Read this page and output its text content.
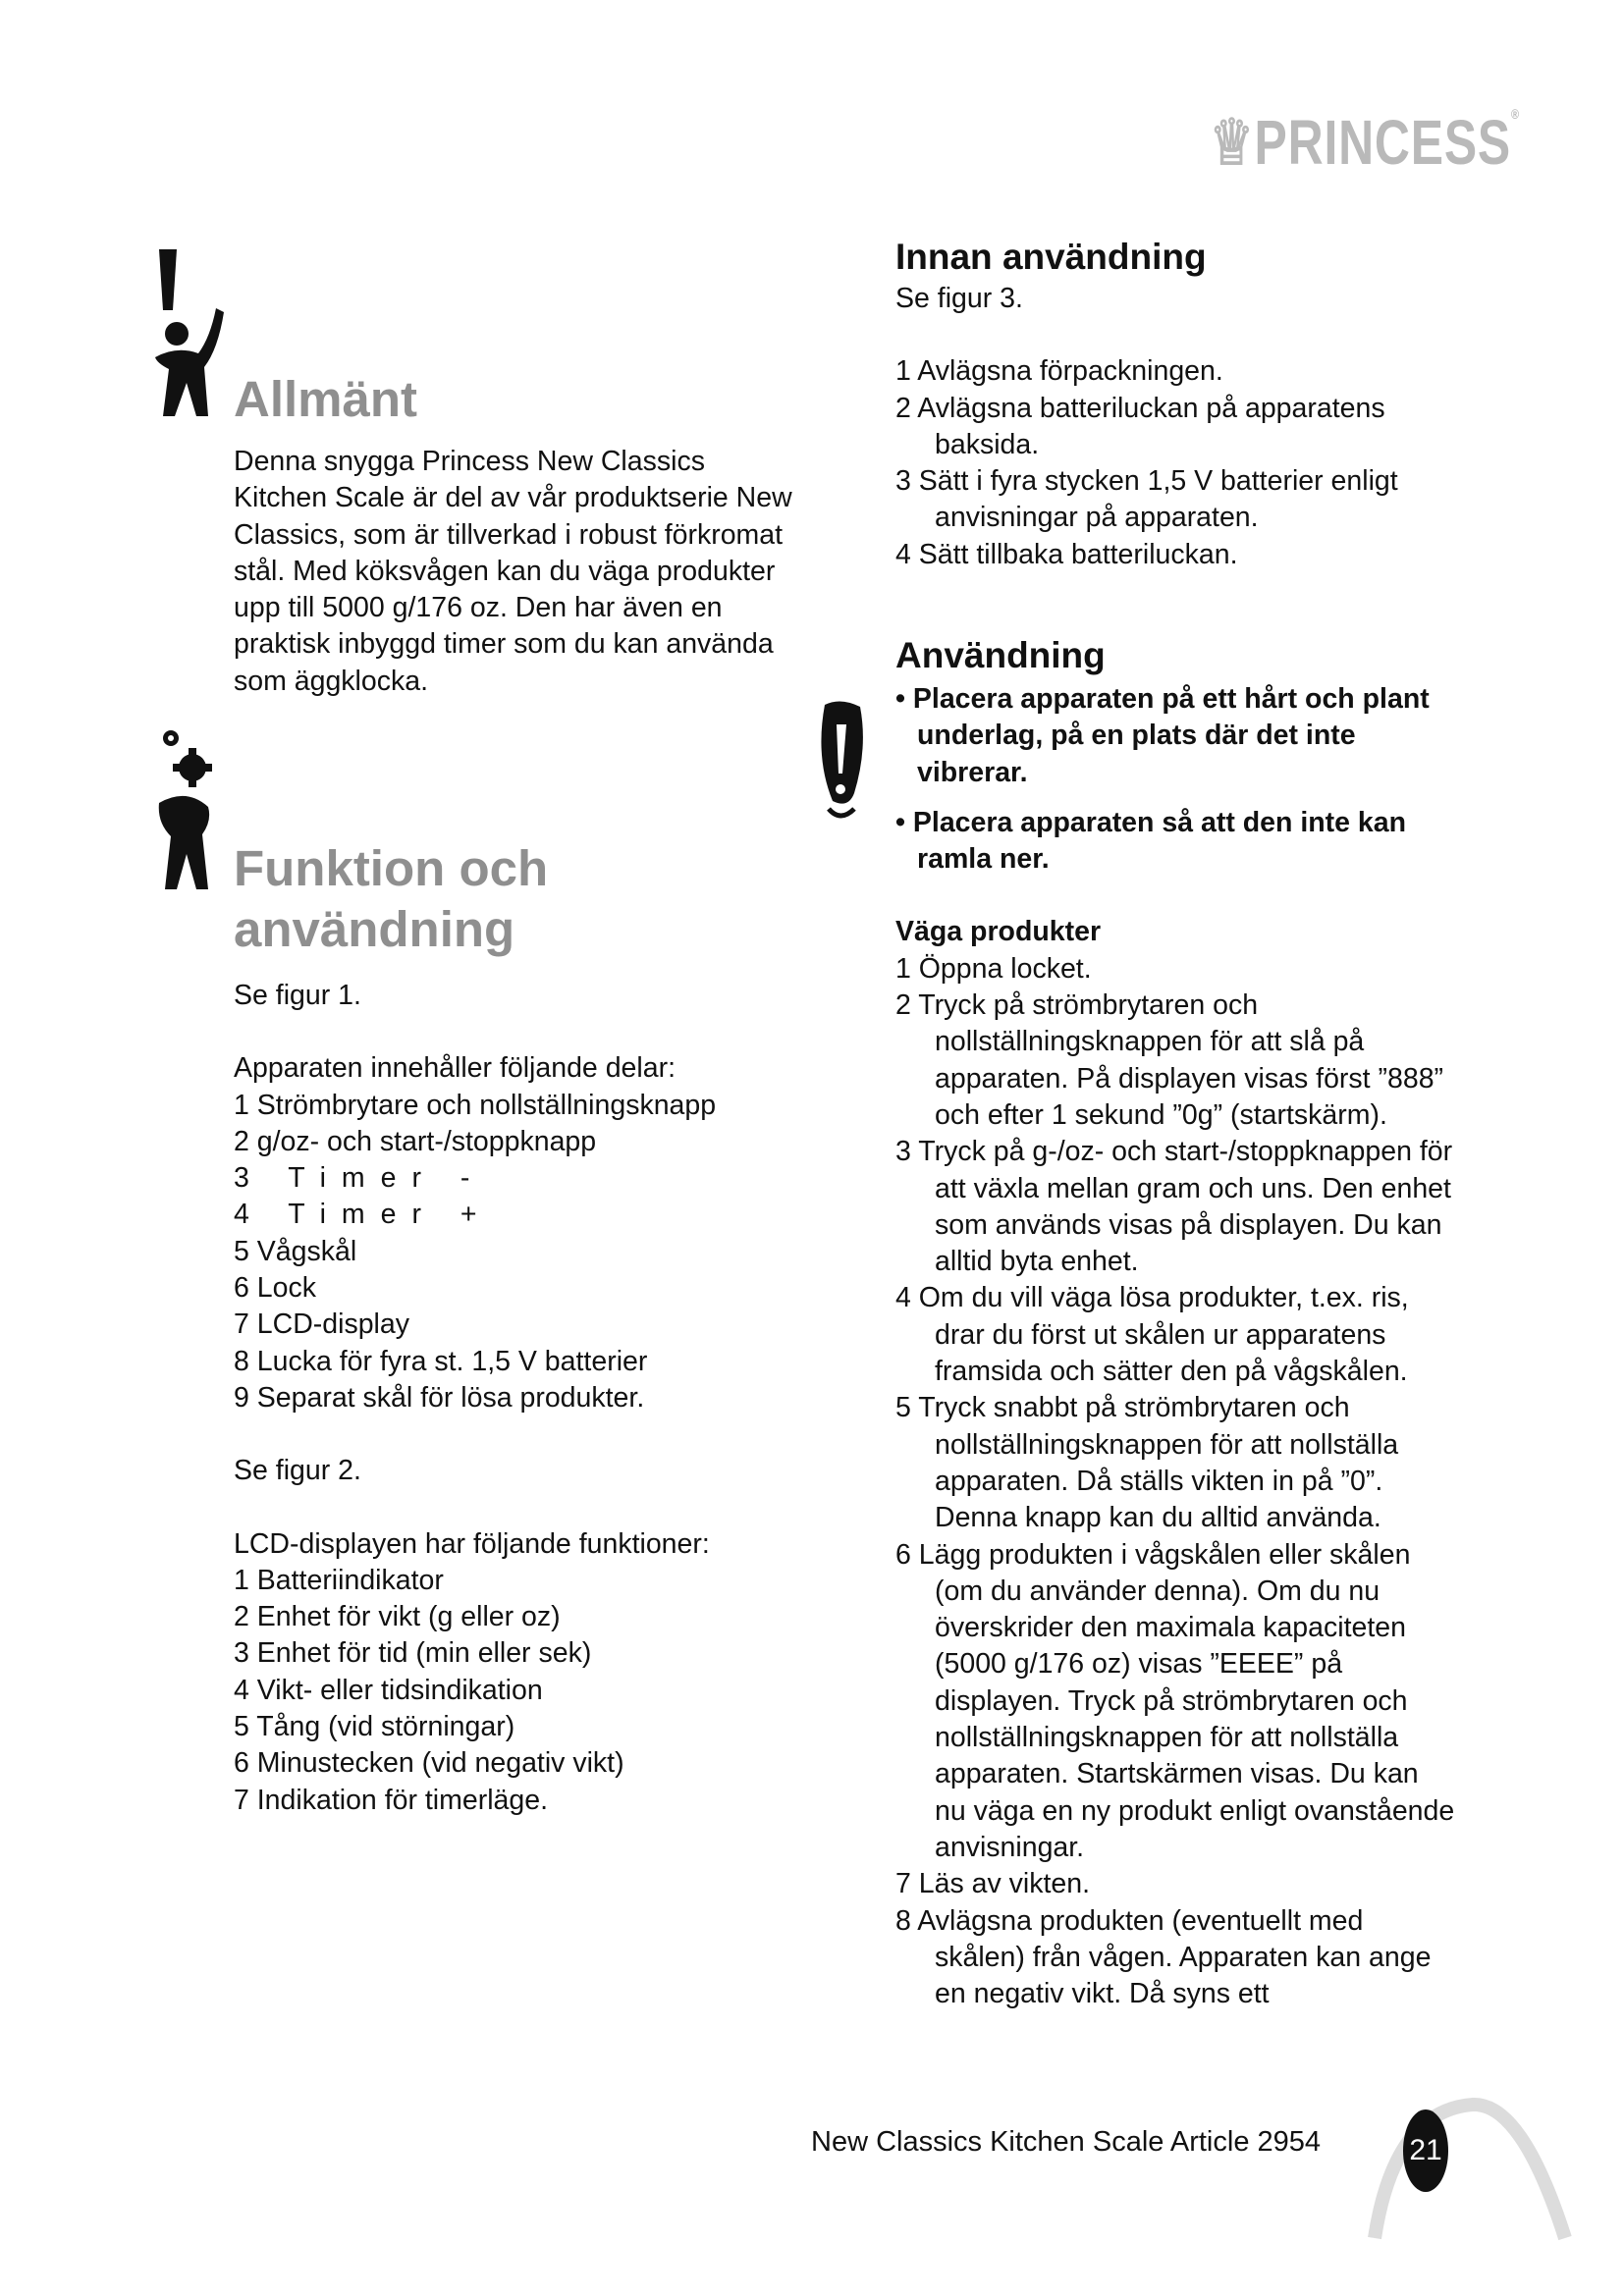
♕PRINCESS®
Allmänt

Denna snygga Princess New Classics Kitchen Scale är del av vår produktserie New Classics, som är tillverkad i robust förkromat stål. Med köksvågen kan du väga produkter upp till 5000 g/176 oz. Den har även en praktisk inbyggd timer som du kan använda som äggklocka.

Funktion och
användning

Se figur 1.

Apparaten innehåller följande delar:

1 Strömbrytare och nollställningsknapp
2 g/oz- och start-/stoppknapp
3 Timer -
4 Timer +
5 Vågskål
6 Lock
7 LCD-display
8 Lucka för fyra st. 1,5 V batterier
9 Separat skål för lösa produkter.

Se figur 2.

LCD-displayen har följande funktioner:

1 Batteriindikator
2 Enhet för vikt (g eller oz)
3 Enhet för tid (min eller sek)
4 Vikt- eller tidsindikation
5 Tång (vid störningar)
6 Minustecken (vid negativ vikt)
7 Indikation för timerläge.
Innan användning

Se figur 3.

1 Avlägsna förpackningen.
2 Avlägsna batteriluckan på apparatens baksida.
3 Sätt i fyra stycken 1,5 V batterier enligt anvisningar på apparaten.
4 Sätt tillbaka batteriluckan.
Användning

• Placera apparaten på ett hårt och plant underlag, på en plats där det inte vibrerar.

• Placera apparaten så att den inte kan ramla ner.

Väga produkter

1 Öppna locket.
2 Tryck på strömbrytaren och nollställningsknappen för att slå på apparaten. På displayen visas först ”888” och efter 1 sekund ”0g” (startskärm).
3 Tryck på g-/oz- och start-/stoppknappen för att växla mellan gram och uns. Den enhet som används visas på displayen. Du kan alltid byta enhet.
4 Om du vill väga lösa produkter, t.ex. ris, drar du först ut skålen ur apparatens framsida och sätter den på vågskålen.
5 Tryck snabbt på strömbrytaren och nollställningsknappen för att nollställa apparaten. Då ställs vikten in på ”0”. Denna knapp kan du alltid använda.
6 Lägg produkten i vågskålen eller skålen (om du använder denna). Om du nu överskrider den maximala kapaciteten (5000 g/176 oz) visas ”EEEE” på displayen. Tryck på strömbrytaren och nollställningsknappen för att nollställa apparaten. Startskärmen visas. Du kan nu väga en ny produkt enligt ovanstående anvisningar.
7 Läs av vikten.
8 Avlägsna produkten (eventuellt med skålen) från vågen. Apparaten kan ange en negativ vikt. Då syns ett
New Classics Kitchen Scale Article 2954	21
